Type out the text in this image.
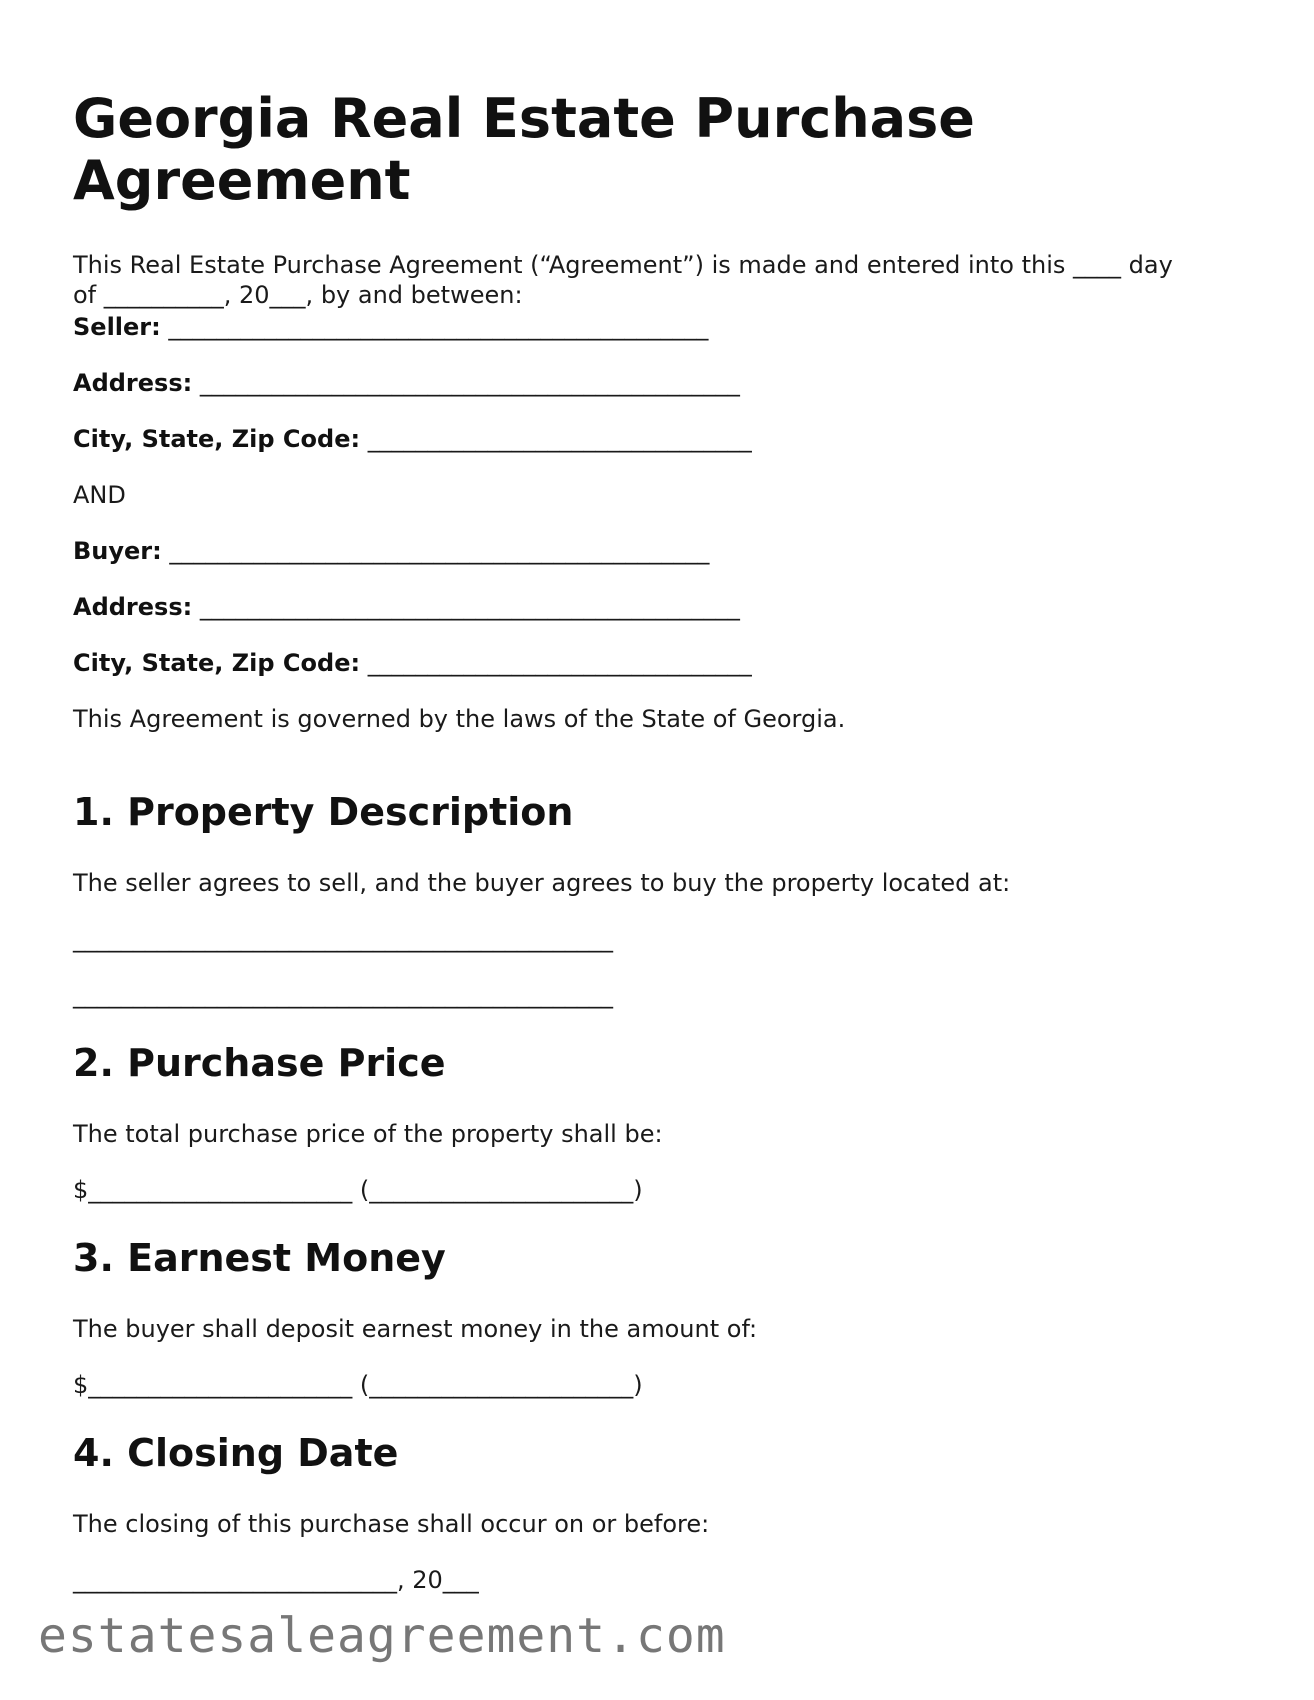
Georgia Real Estate Purchase Agreement
This Real Estate Purchase Agreement (“Agreement”) is made and entered into this ____ day of __________, 20___, by and between:
Seller: _____________________________________________
Address: _____________________________________________
City, State, Zip Code: ________________________________
AND
Buyer: _____________________________________________
Address: _____________________________________________
City, State, Zip Code: ________________________________
This Agreement is governed by the laws of the State of Georgia.
1. Property Description
The seller agrees to sell, and the buyer agrees to buy the property located at:
_____________________________________________
_____________________________________________
2. Purchase Price
The total purchase price of the property shall be:
$______________________ (______________________)
3. Earnest Money
The buyer shall deposit earnest money in the amount of:
$______________________ (______________________)
4. Closing Date
The closing of this purchase shall occur on or before:
___________________________, 20___
estatesaleagreement.com
